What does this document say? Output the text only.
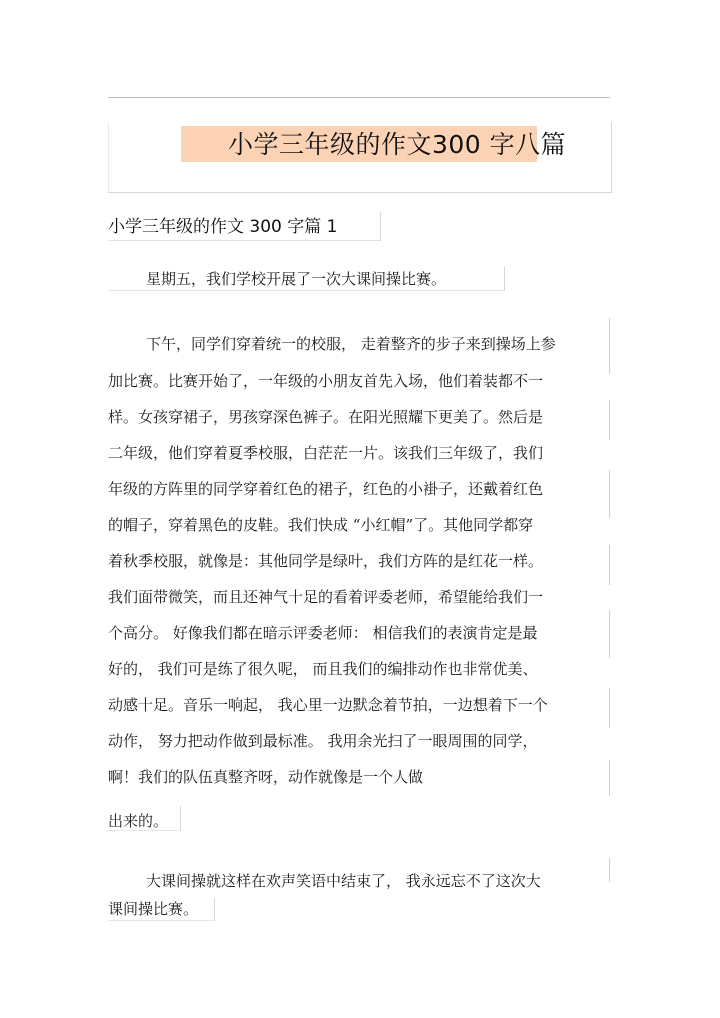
小学三年级的作文300 字八篇
小学三年级的作文 300 字篇 1
星期五，我们学校开展了一次大课间操比赛。
下午，同学们穿着统一的校服， 走着整齐的步子来到操场上参
加比赛。比赛开始了，一年级的小朋友首先入场，他们着装都不一
样。女孩穿裙子，男孩穿深色裤子。在阳光照耀下更美了。然后是
二年级，他们穿着夏季校服，白茫茫一片。该我们三年级了，我们
年级的方阵里的同学穿着红色的裙子，红色的小褂子，还戴着红色
的帽子，穿着黑色的皮鞋。我们快成 “小红帽”了。其他同学都穿
着秋季校服，就像是：其他同学是绿叶，我们方阵的是红花一样。
我们面带微笑，而且还神气十足的看着评委老师，希望能给我们一
个高分。 好像我们都在暗示评委老师： 相信我们的表演肯定是最
好的， 我们可是练了很久呢， 而且我们的编排动作也非常优美、
动感十足。音乐一响起， 我心里一边默念着节拍，一边想着下一个
动作， 努力把动作做到最标准。 我用余光扫了一眼周围的同学，
啊！我们的队伍真整齐呀，动作就像是一个人做
出来的。
大课间操就这样在欢声笑语中结束了， 我永远忘不了这次大
课间操比赛。
